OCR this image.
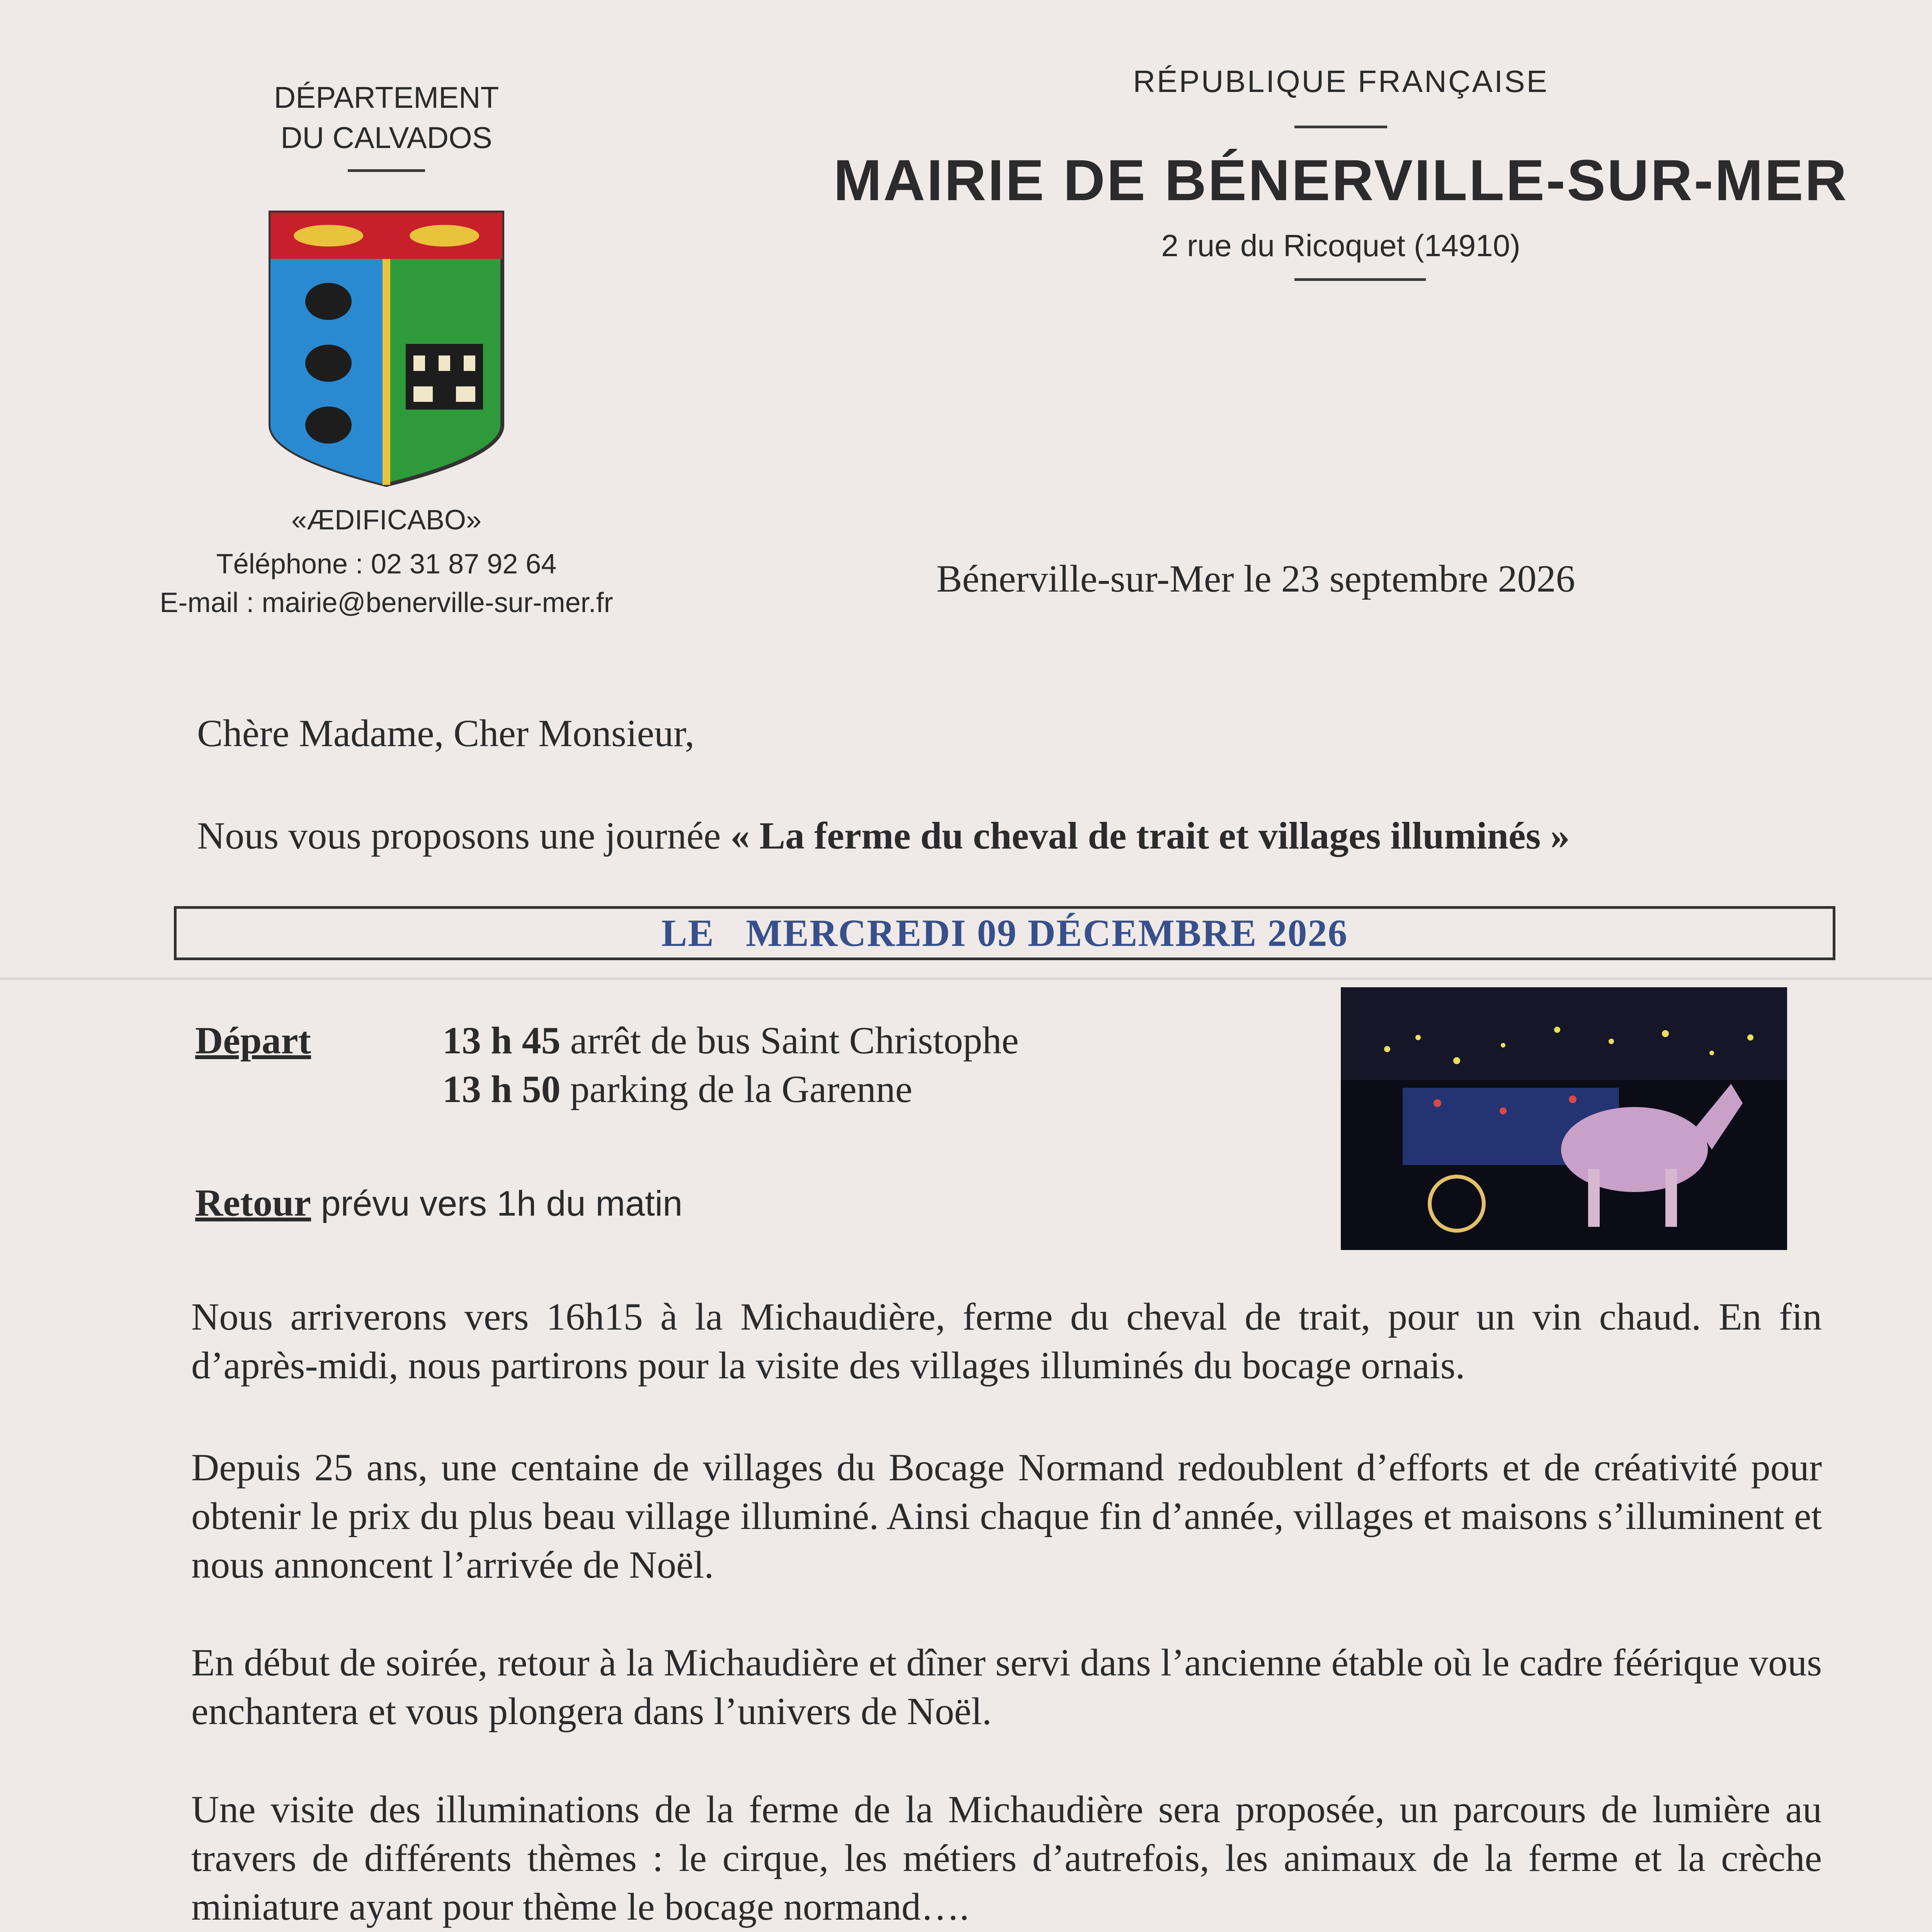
DÉPARTEMENT
DU CALVADOS
«ÆDIFICABO»
Téléphone : 02 31 87 92 64
E-mail : mairie@benerville-sur-mer.fr
RÉPUBLIQUE FRANÇAISE
MAIRIE DE BÉNERVILLE-SUR-MER
2 rue du Ricoquet (14910)
Bénerville-sur-Mer le 23 septembre 2026
Chère Madame, Cher Monsieur,
Nous vous proposons une journée « La ferme du cheval de trait et villages illuminés »
LE   MERCREDI 09 DÉCEMBRE 2026
Départ	13 h 45 arrêt de bus Saint Christophe
13 h 50 parking de la Garenne
Retour prévu vers 1h du matin
Nous arriverons vers 16h15 à la Michaudière, ferme du cheval de trait, pour un vin chaud. En fin d’après-midi, nous partirons pour la visite des villages illuminés du bocage ornais.
Depuis 25 ans, une centaine de villages du Bocage Normand redoublent d’efforts et de créativité pour obtenir le prix du plus beau village illuminé. Ainsi chaque fin d’année, villages et maisons s’illuminent et nous annoncent l’arrivée de Noël.
En début de soirée, retour à la Michaudière et dîner servi dans l’ancienne étable où le cadre féérique vous enchantera et vous plongera dans l’univers de Noël.
Une visite des illuminations de la ferme de la Michaudière sera proposée, un parcours de lumière au travers de différents thèmes : le cirque, les métiers d’autrefois, les animaux de la ferme et la crèche miniature ayant pour thème le bocage normand….
